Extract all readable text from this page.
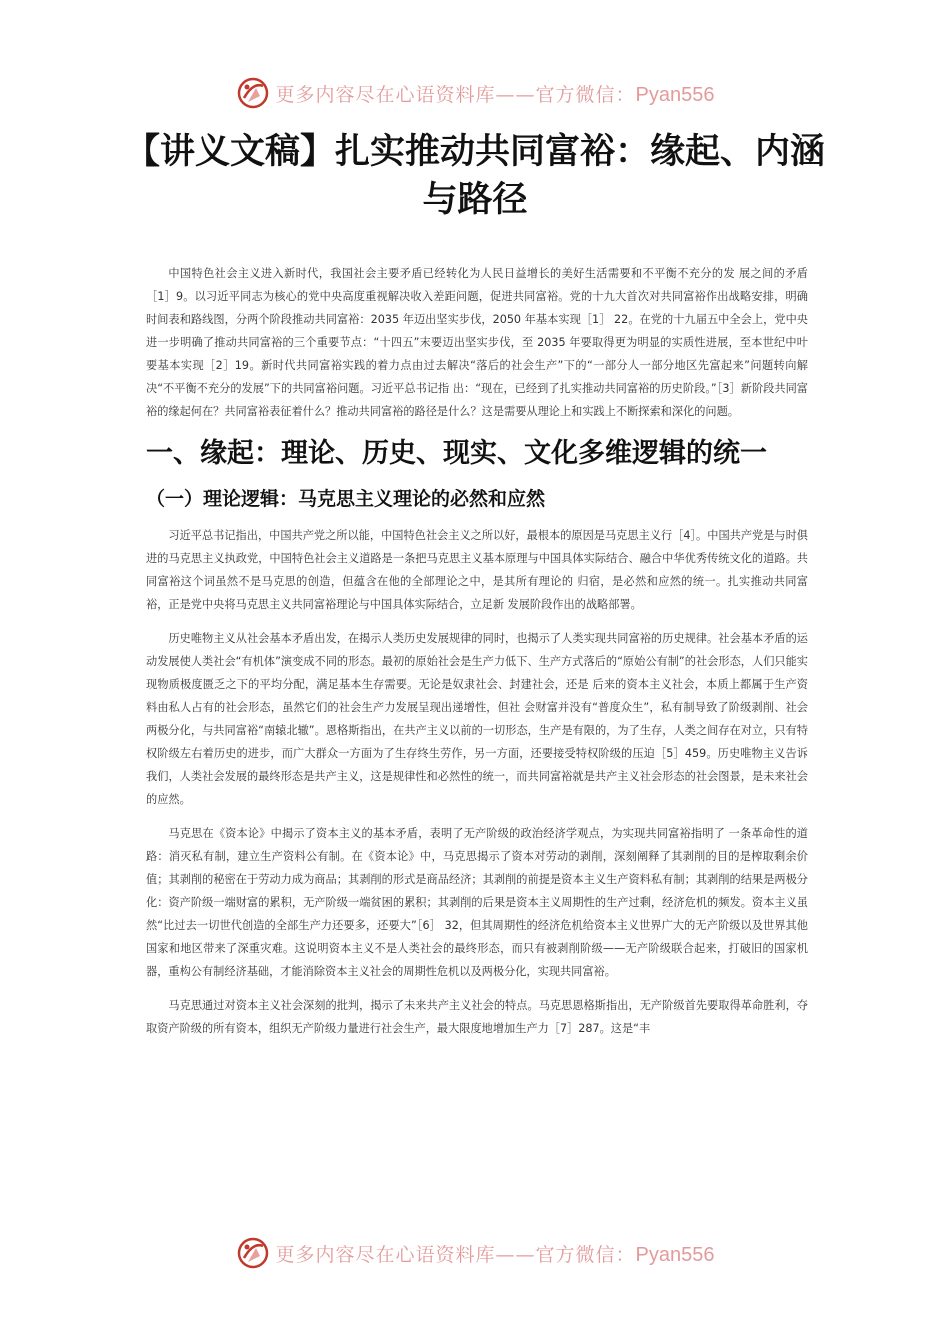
更多内容尽在心语资料库——官方微信：Pyan556
【讲义文稿】扎实推动共同富裕：缘起、内涵与路径

中国特色社会主义进入新时代，我国社会主要矛盾已经转化为人民日益增长的美好生活需要和不平衡不充分的发 展之间的矛盾［1］9。以习近平同志为核心的党中央高度重视解决收入差距问题，促进共同富裕。党的十九大首次对共同富裕作出战略安排，明确时间表和路线图，分两个阶段推动共同富裕：2035 年迈出坚实步伐，2050 年基本实现［1］ 22。在党的十九届五中全会上，党中央进一步明确了推动共同富裕的三个重要节点：“十四五”末要迈出坚实步伐，至 2035 年要取得更为明显的实质性进展，至本世纪中叶要基本实现［2］19。新时代共同富裕实践的着力点由过去解决“落后的社会生产”下的“一部分人一部分地区先富起来”问题转向解决“不平衡不充分的发展”下的共同富裕问题。习近平总书记指 出：“现在，已经到了扎实推动共同富裕的历史阶段。”［3］新阶段共同富裕的缘起何在？共同富裕表征着什么？推动共同富裕的路径是什么？这是需要从理论上和实践上不断探索和深化的问题。

一、缘起：理论、历史、现实、文化多维逻辑的统一
（一）理论逻辑：马克思主义理论的必然和应然

习近平总书记指出，中国共产党之所以能，中国特色社会主义之所以好，最根本的原因是马克思主义行［4］。中国共产党是与时俱进的马克思主义执政党，中国特色社会主义道路是一条把马克思主义基本原理与中国具体实际结合、融合中华优秀传统文化的道路。共同富裕这个词虽然不是马克思的创造，但蕴含在他的全部理论之中，是其所有理论的 归宿，是必然和应然的统一。扎实推动共同富裕，正是党中央将马克思主义共同富裕理论与中国具体实际结合，立足新 发展阶段作出的战略部署。

历史唯物主义从社会基本矛盾出发，在揭示人类历史发展规律的同时，也揭示了人类实现共同富裕的历史规律。社会基本矛盾的运动发展使人类社会“有机体”演变成不同的形态。最初的原始社会是生产力低下、生产方式落后的“原始公有制”的社会形态，人们只能实现物质极度匮乏之下的平均分配，满足基本生存需要。无论是奴隶社会、封建社会，还是 后来的资本主义社会，本质上都属于生产资料由私人占有的社会形态，虽然它们的社会生产力发展呈现出递增性，但社 会财富并没有“普度众生”，私有制导致了阶级剥削、社会两极分化，与共同富裕“南辕北辙”。恩格斯指出，在共产主义以前的一切形态，生产是有限的，为了生存，人类之间存在对立，只有特权阶级左右着历史的进步，而广大群众一方面为了生存终生劳作，另一方面，还要接受特权阶级的压迫［5］459。历史唯物主义告诉我们，人类社会发展的最终形态是共产主义，这是规律性和必然性的统一，而共同富裕就是共产主义社会形态的社会图景，是未来社会的应然。

马克思在《资本论》中揭示了资本主义的基本矛盾，表明了无产阶级的政治经济学观点，为实现共同富裕指明了 一条革命性的道路：消灭私有制，建立生产资料公有制。在《资本论》中，马克思揭示了资本对劳动的剥削，深刻阐释了其剥削的目的是榨取剩余价值；其剥削的秘密在于劳动力成为商品；其剥削的形式是商品经济；其剥削的前提是资本主义生产资料私有制；其剥削的结果是两极分化：资产阶级一端财富的累积，无产阶级一端贫困的累积；其剥削的后果是资本主义周期性的生产过剩，经济危机的频发。资本主义虽然“比过去一切世代创造的全部生产力还要多，还要大”［6］ 32，但其周期性的经济危机给资本主义世界广大的无产阶级以及世界其他国家和地区带来了深重灾难。这说明资本主义不是人类社会的最终形态，而只有被剥削阶级——无产阶级联合起来，打破旧的国家机器，重构公有制经济基础，才能消除资本主义社会的周期性危机以及两极分化，实现共同富裕。

马克思通过对资本主义社会深刻的批判，揭示了未来共产主义社会的特点。马克思恩格斯指出，无产阶级首先要取得革命胜利，夺取资产阶级的所有资本，组织无产阶级力量进行社会生产，最大限度地增加生产力［7］287。这是“丰

更多内容尽在心语资料库——官方微信：Pyan556
